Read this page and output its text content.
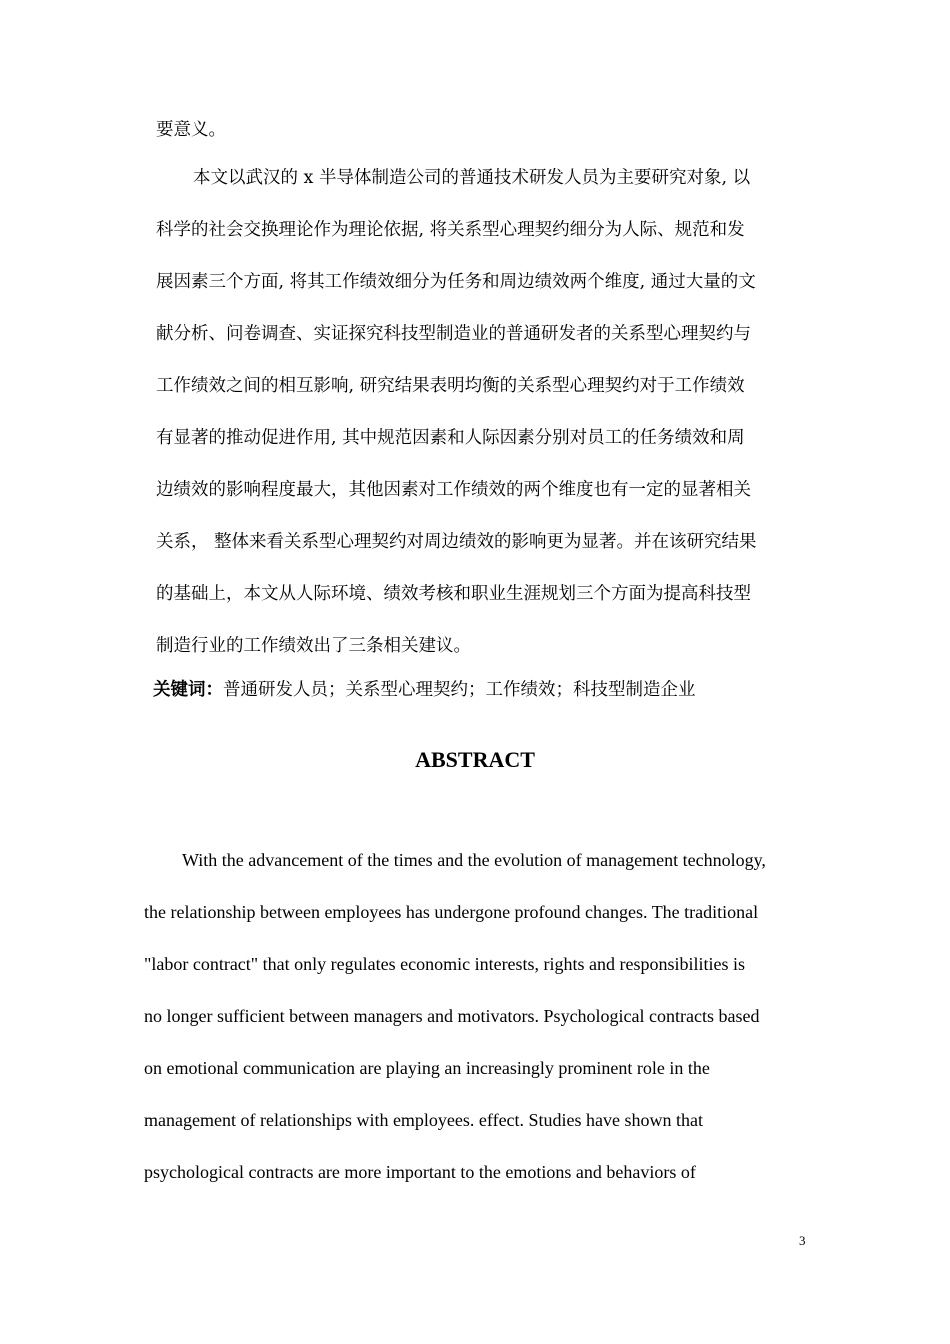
要意义。
本文以武汉的 x 半导体制造公司的普通技术研发人员为主要研究对象, 以
科学的社会交换理论作为理论依据, 将关系型心理契约细分为人际、规范和发
展因素三个方面, 将其工作绩效细分为任务和周边绩效两个维度, 通过大量的文
献分析、问卷调查、实证探究科技型制造业的普通研发者的关系型心理契约与
工作绩效之间的相互影响, 研究结果表明均衡的关系型心理契约对于工作绩效
有显著的推动促进作用, 其中规范因素和人际因素分别对员工的任务绩效和周
边绩效的影响程度最大，其他因素对工作绩效的两个维度也有一定的显著相关
关系， 整体来看关系型心理契约对周边绩效的影响更为显著。并在该研究结果
的基础上，本文从人际环境、绩效考核和职业生涯规划三个方面为提高科技型
制造行业的工作绩效出了三条相关建议。
关键词：普通研发人员；关系型心理契约；工作绩效；科技型制造企业
ABSTRACT
With the advancement of the times and the evolution of management technology,
the relationship between employees has undergone profound changes. The traditional
"labor contract" that only regulates economic interests, rights and responsibilities is
no longer sufficient between managers and motivators. Psychological contracts based
on emotional communication are playing an increasingly prominent role in the
management of relationships with employees. effect. Studies have shown that
psychological contracts are more important to the emotions and behaviors of
3
